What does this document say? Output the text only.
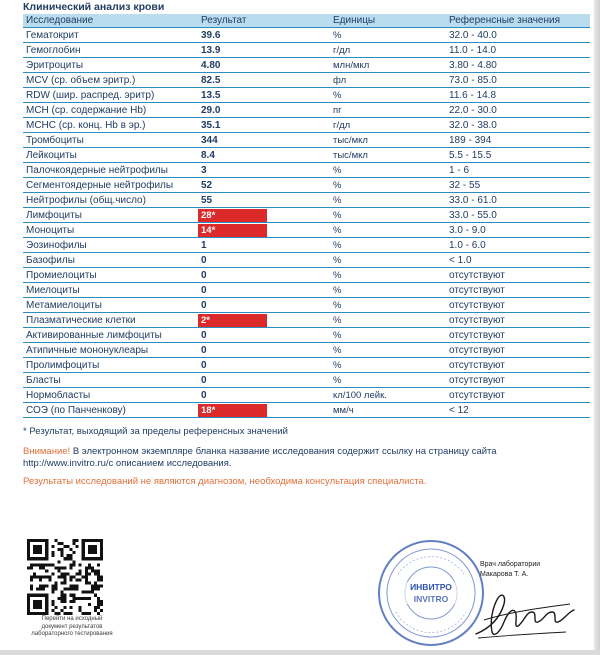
Клинический анализ крови
Исследование	Результат	Единицы	Референсные значения
Гематокрит	39.6	%	32.0 - 40.0
Гемоглобин	13.9	г/дл	11.0 - 14.0
Эритроциты	4.80	млн/мкл	3.80 - 4.80
MCV (ср. объем эритр.)	82.5	фл	73.0 - 85.0
RDW (шир. распред. эритр)	13.5	%	11.6 - 14.8
MCH (ср. содержание Hb)	29.0	пг	22.0 - 30.0
MCHC (ср. конц. Hb в эр.)	35.1	г/дл	32.0 - 38.0
Тромбоциты	344	тыс/мкл	189 - 394
Лейкоциты	8.4	тыс/мкл	5.5 - 15.5
Палочкоядерные нейтрофилы	3	%	1 - 6
Сегментоядерные нейтрофилы	52	%	32 - 55
Нейтрофилы (общ.число)	55	%	33.0 - 61.0
Лимфоциты	28*	%	33.0 - 55.0
Моноциты	14*	%	3.0 - 9.0
Эозинофилы	1	%	1.0 - 6.0
Базофилы	0	%	< 1.0
Промиелоциты	0	%	отсутствуют
Миелоциты	0	%	отсутствуют
Метамиелоциты	0	%	отсутствуют
Плазматические клетки	2*	%	отсутствуют
Активированные лимфоциты	0	%	отсутствуют
Атипичные мононуклеары	0	%	отсутствуют
Пролимфоциты	0	%	отсутствуют
Бласты	0	%	отсутствуют
Нормобласты	0	кл/100 лейк.	отсутствуют
СОЭ (по Панченкову)	18*	мм/ч	< 12
* Результат, выходящий за пределы референсных значений
Внимание! В электронном экземпляре бланка название исследования содержит ссылку на страницу сайта
http://www.invitro.ru/с описанием исследования.
Результаты исследований не являются диагнозом, необходима консультация специалиста.
Перейти на исходный документ результатов лабораторного тестирования
ИНВИТРО
INVITRO
Врач лаборатории
Макарова Т. А.
